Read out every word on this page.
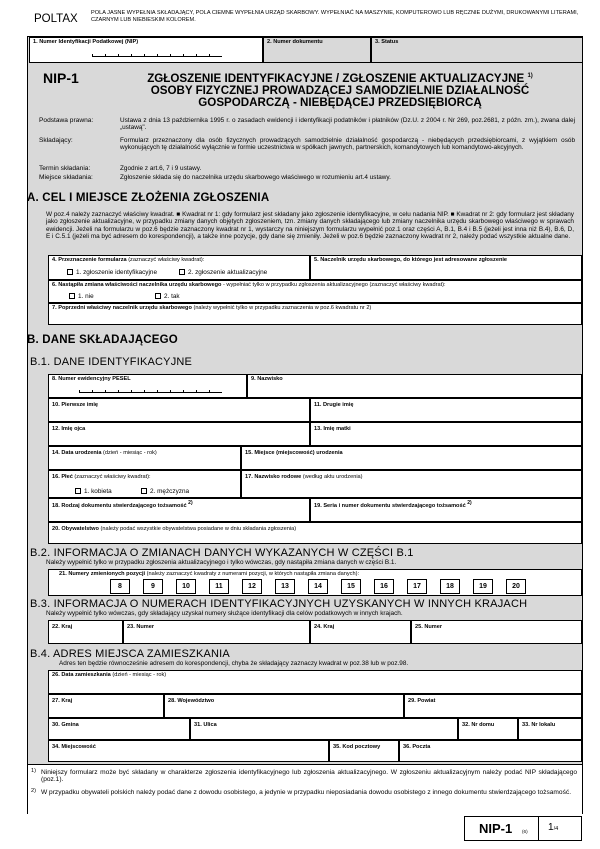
POLTAX POLA JASNE WYPEŁNIA SKŁADAJĄCY, POLA CIEMNE WYPEŁNIA URZĄD SKARBOWY. WYPEŁNIAĆ NA MASZYNIE, KOMPUTEROWO LUB RĘCZNIE DUŻYMI, DRUKOWANYMI LITERAMI, CZARNYM LUB NIEBIESKIM KOLOREM.
1. Numer Identyfikacji Podatkowej (NIP)	2. Numer dokumentu	3. Status
NIP-1	ZGŁOSZENIE IDENTYFIKACYJNE / ZGŁOSZENIE AKTUALIZACYJNE $^{1)}$
OSOBY FIZYCZNEJ PROWADZĄCEJ SAMODZIELNIE DZIAŁALNOŚĆ
GOSPODARCZĄ - NIEBĘDĄCEJ PRZEDSIĘBIORCĄ
Podstawa prawna:	Ustawa z dnia 13 października 1995 r. o zasadach ewidencji i identyfikacji podatników i płatników (Dz.U. z 2004 r. Nr 269, poz.2681, z późn. zm.), zwana dalej „ustawą".
Składający:	Formularz przeznaczony dla osób fizycznych prowadzących samodzielnie działalność gospodarczą - niebędących przedsiębiorcami, z wyjątkiem osób wykonujących tę działalność wyłącznie w formie uczestnictwa w spółkach jawnych, partnerskich, komandytowych lub komandytowo-akcyjnych.
Termin składania:	Zgodnie z art.6, 7 i 9 ustawy.
Miejsce składania:	Zgłoszenie składa się do naczelnika urzędu skarbowego właściwego w rozumieniu art.4 ustawy.
A. CEL I MIEJSCE ZŁOŻENIA ZGŁOSZENIA
W poz.4 należy zaznaczyć właściwy kwadrat. ■ Kwadrat nr 1: gdy formularz jest składany jako zgłoszenie identyfikacyjne, w celu nadania NIP. ■ Kwadrat nr 2: gdy formularz jest składany jako zgłoszenie aktualizacyjne, w przypadku zmiany danych objętych zgłoszeniem, tzn. zmiany danych składającego lub zmiany naczelnika urzędu skarbowego właściwego w sprawach ewidencji. Jeżeli na formularzu w poz.6 będzie zaznaczony kwadrat nr 1, wystarczy na niniejszym formularzu wypełnić poz.1 oraz części A, B.1, B.4 i B.5 (jeżeli jest inna niż B.4), B.6, D, E i C.5.1 (jeżeli ma być adresem do korespondencji), a także inne pozycje, gdy dane się zmieniły. Jeżeli w poz.6 będzie zaznaczony kwadrat nr 2, należy podać wszystkie aktualne dane.
4. Przeznaczenie formularza (zaznaczyć właściwy kwadrat):
1. zgłoszenie identyfikacyjne	2. zgłoszenie aktualizacyjne
5. Naczelnik urzędu skarbowego, do którego jest adresowane zgłoszenie
6. Nastąpiła zmiana właściwości naczelnika urzędu skarbowego - wypełniać tylko w przypadku zgłoszenia aktualizacyjnego (zaznaczyć właściwy kwadrat):
1. nie	2. tak
7. Poprzedni właściwy naczelnik urzędu skarbowego (należy wypełnić tylko w przypadku zaznaczenia w poz.6 kwadratu nr 2)
B. DANE SKŁADAJĄCEGO
B.1. DANE IDENTYFIKACYJNE
8. Numer ewidencyjny PESEL	9. Nazwisko
10. Pierwsze imię	11. Drugie imię
12. Imię ojca	13. Imię matki
14. Data urodzenia (dzień - miesiąc - rok)	15. Miejsce (miejscowość) urodzenia
16. Płeć (zaznaczyć właściwy kwadrat):
1. kobieta	2. mężczyzna
17. Nazwisko rodowe (według aktu urodzenia)
18. Rodzaj dokumentu stwierdzającego tożsamość $^{2)}$	19. Seria i numer dokumentu stwierdzającego tożsamość $^{2)}$
20. Obywatelstwo (należy podać wszystkie obywatelstwa posiadane w dniu składania zgłoszenia)
B.2. INFORMACJA O ZMIANACH DANYCH WYKAZANYCH W CZĘŚCI B.1
Należy wypełnić tylko w przypadku zgłoszenia aktualizacyjnego i tylko wówczas, gdy nastąpiła zmiana danych w części B.1.
21. Numery zmienionych pozycji (należy zaznaczyć kwadraty z numerami pozycji, w których nastąpiła zmiana danych):
8	9	10	11	12	13	14	15	16	17	18	19	20
B.3. INFORMACJA O NUMERACH IDENTYFIKACYJNYCH UZYSKANYCH W INNYCH KRAJACH
Należy wypełnić tylko wówczas, gdy składający uzyskał numery służące identyfikacji dla celów podatkowych w innych krajach.
22. Kraj	23. Numer	24. Kraj	25. Numer
B.4. ADRES MIEJSCA ZAMIESZKANIA
Adres ten będzie równocześnie adresem do korespondencji, chyba że składający zaznaczy kwadrat w poz.38 lub w poz.98.
26. Data zamieszkania (dzień - miesiąc - rok)
27. Kraj	28. Województwo	29. Powiat
30. Gmina	31. Ulica	32. Nr domu	33. Nr lokalu
34. Miejscowość	35. Kod pocztowy	36. Poczta
1) Niniejszy formularz może być składany w charakterze zgłoszenia identyfikacyjnego lub zgłoszenia aktualizacyjnego. W zgłoszeniu aktualizacyjnym należy podać NIP składającego (poz.1).
2) W przypadku obywateli polskich należy podać dane z dowodu osobistego, a jedynie w przypadku nieposiadania dowodu osobistego z innego dokumentu stwierdzającego tożsamość.
NIP-1 (6) 1/4
